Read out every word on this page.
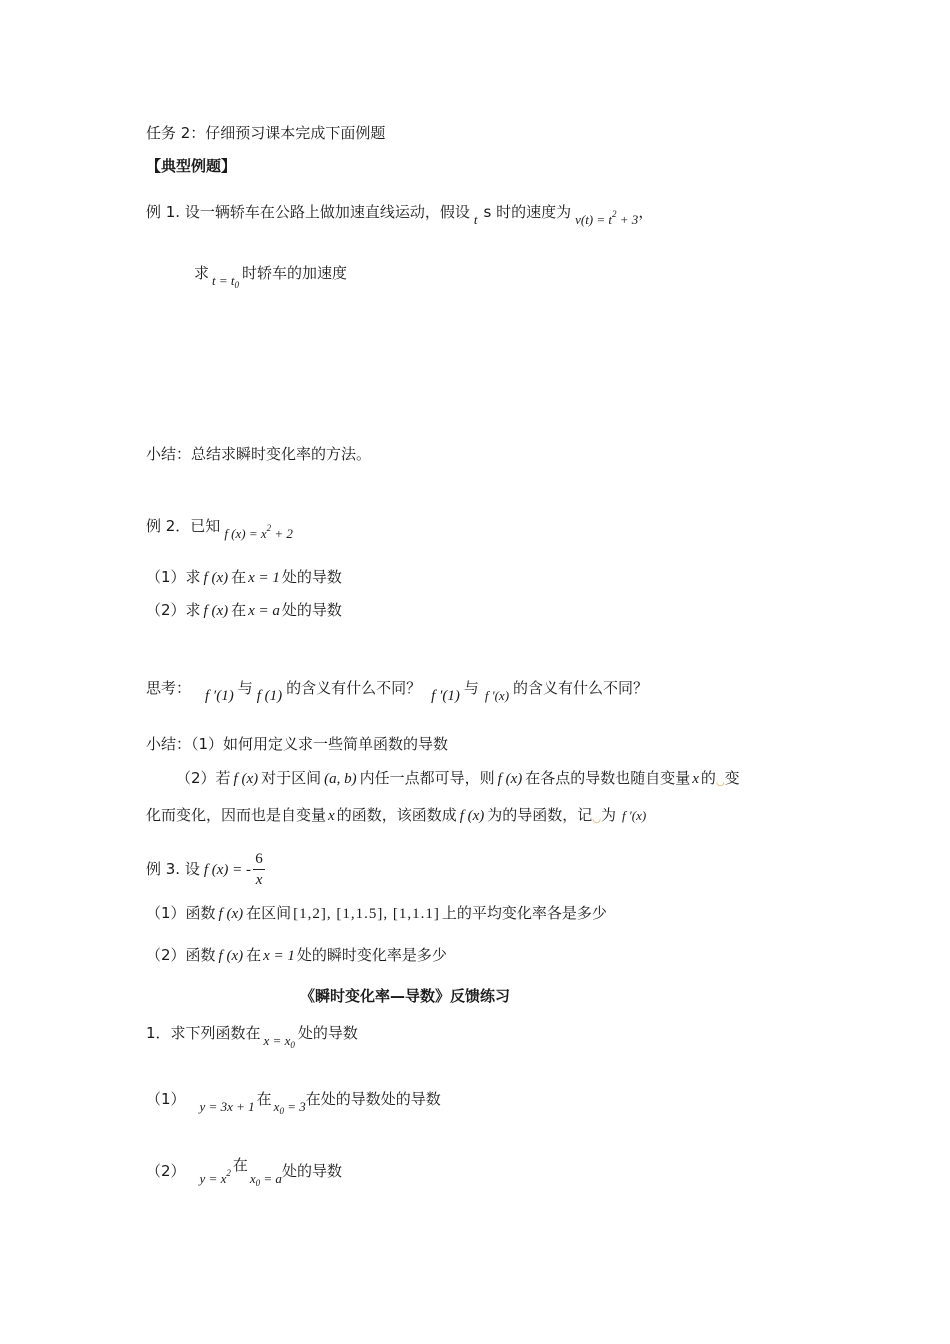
任务 2：仔细预习课本完成下面例题
【典型例题】
例 1. 设一辆轿车在公路上做加速直线运动，假设 t s 时的速度为 $v(t) = t^2 + 3$，
求 $t = t_0$时轿车的加速度
小结：总结求瞬时变化率的方法。
例 2．已知 f $(x) = x^2 + 2$
（1）求 f (x) 在 x = 1 处的导数
（2）求 f (x) 在 x = a 处的导数
思考： f ′(1) 与 f (1) 的含义有什么不同？ f ′(1) 与 f ′(x) 的含义有什么不同？
小结：（1）如何用定义求一些简单函数的导数
（2）若 f (x) 对于区间 (a, b) 内任一点都可导，则 f (x) 在各点的导数也随自变量 x 的◡变
化而变化，因而也是自变量 x 的函数，该函数成 f (x) 为的导函数，记◡为 f ′(x)
例 3. 设 f (x) = - $\frac{6}{x}$
（1）函数 f (x) 在区间 [1,2], [1,1.5], [1,1.1] 上的平均变化率各是多少
（2）函数 f (x) 在 x = 1 处的瞬时变化率是多少
《瞬时变化率—导数》反馈练习
1．求下列函数在 $x = x_0$处的导数
（1） y = 3x + 1 在 $x_0 = 3$在处的导数处的导数
（2） $y = x^2$ 在$x_0 = a$处的导数
